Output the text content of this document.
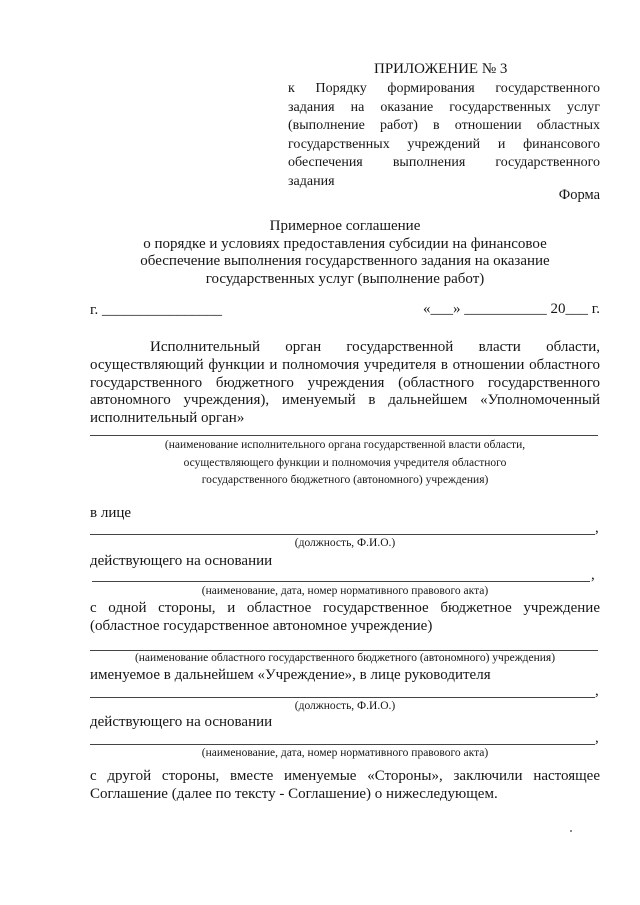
ПРИЛОЖЕНИЕ № 3
к Порядку формирования государственного
задания на оказание государственных услуг
(выполнение работ) в отношении областных
государственных учреждений и финансового
обеспечения выполнения государственного
задания
Форма
Примерное соглашение
о порядке и условиях предоставления субсидии на финансовое
обеспечение выполнения государственного задания на оказание
государственных услуг (выполнение работ)
г. ________________	«___» ___________ 20___ г.
Исполнительный орган государственной власти области, осуществляющий функции и полномочия учредителя в отношении областного государственного бюджетного учреждения (областного государственного автономного учреждения), именуемый в дальнейшем «Уполномоченный исполнительный орган»
(наименование исполнительного органа государственной власти области,
осуществляющего функции и полномочия учредителя областного
государственного бюджетного (автономного) учреждения)
в лице
,
(должность, Ф.И.О.)
действующего на основании
,
(наименование, дата, номер нормативного правового акта)
с одной стороны, и областное государственное бюджетное учреждение (областное государственное автономное учреждение)
(наименование областного государственного бюджетного (автономного) учреждения)
именуемое в дальнейшем «Учреждение», в лице руководителя
,
(должность, Ф.И.О.)
действующего на основании
,
(наименование, дата, номер нормативного правового акта)
с другой стороны, вместе именуемые «Стороны», заключили настоящее Соглашение (далее по тексту - Соглашение) о нижеследующем.
